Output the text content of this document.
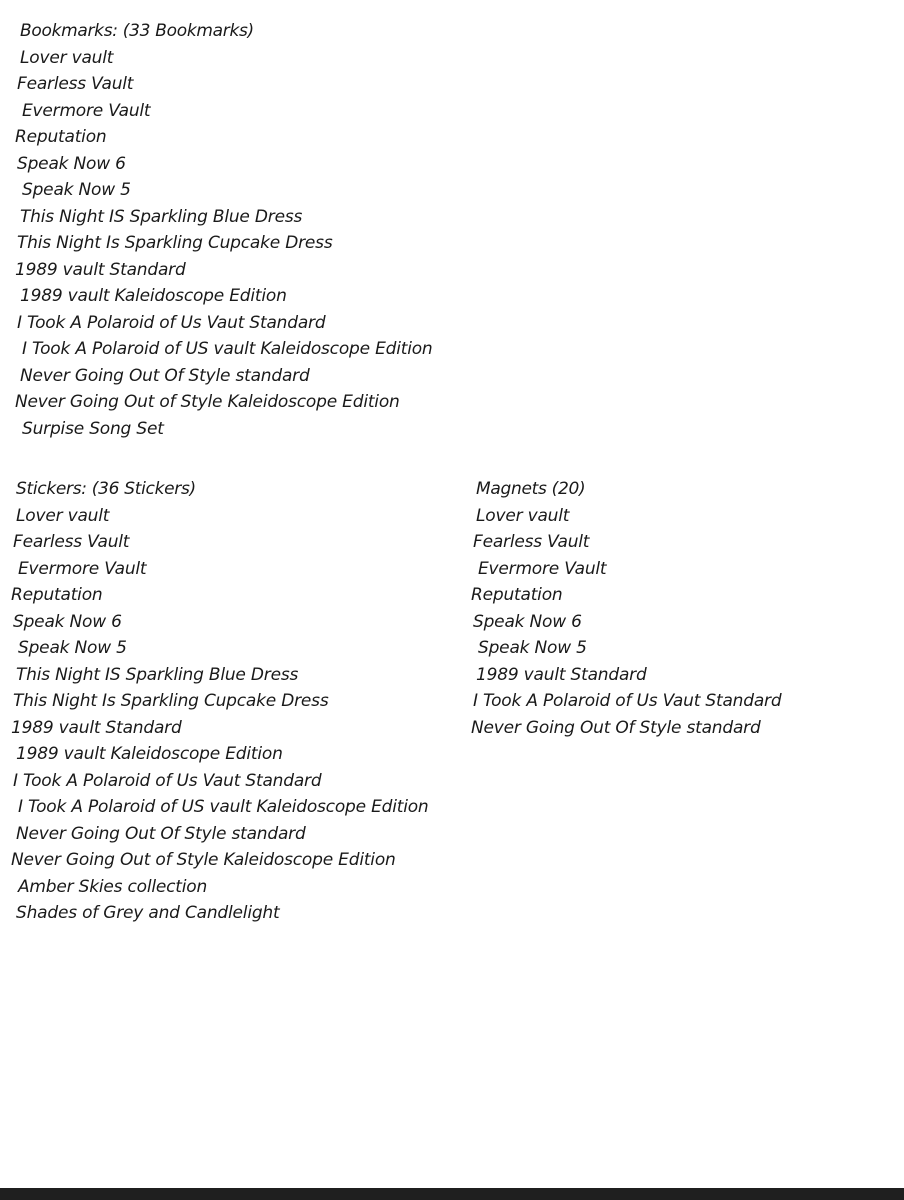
Bookmarks: (33 Bookmarks)
Lover vault
Fearless Vault
Evermore Vault
Reputation
Speak Now 6
Speak Now 5
This Night IS Sparkling Blue Dress
This Night Is Sparkling Cupcake Dress
1989 vault Standard
1989 vault Kaleidoscope Edition
I Took A Polaroid of Us Vaut Standard
I Took A Polaroid of US vault Kaleidoscope Edition
Never Going Out Of Style standard
Never Going Out of Style Kaleidoscope Edition
Surpise Song Set
Stickers: (36 Stickers)
Lover vault
Fearless Vault
Evermore Vault
Reputation
Speak Now 6
Speak Now 5
This Night IS Sparkling Blue Dress
This Night Is Sparkling Cupcake Dress
1989 vault Standard
1989 vault Kaleidoscope Edition
I Took A Polaroid of Us Vaut Standard
I Took A Polaroid of US vault Kaleidoscope Edition
Never Going Out Of Style standard
Never Going Out of Style Kaleidoscope Edition
Amber Skies collection
Shades of Grey and Candlelight
Magnets (20)
Lover vault
Fearless Vault
Evermore Vault
Reputation
Speak Now 6
Speak Now 5
1989 vault Standard
I Took A Polaroid of Us Vaut Standard
Never Going Out Of Style standard
